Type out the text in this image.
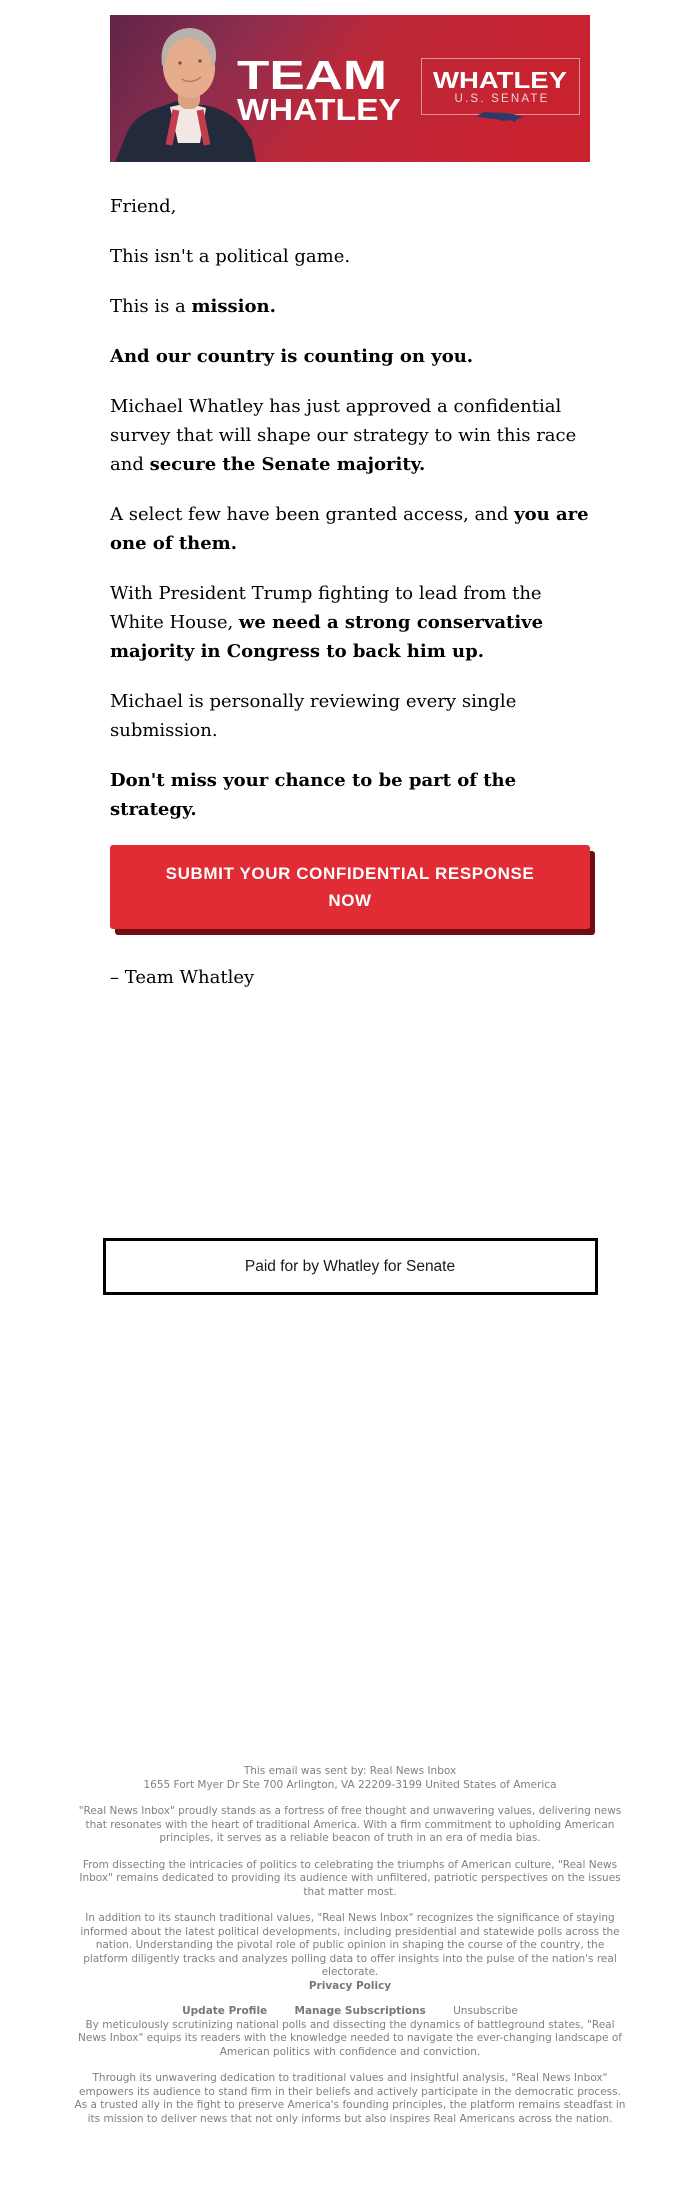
TEAM
WHATLEY
WHATLEY
U.S. SENATE

Friend,

This isn't a political game.

This is a mission.

And our country is counting on you.

Michael Whatley has just approved a confidential survey that will shape our strategy to win this race and secure the Senate majority.

A select few have been granted access, and you are one of them.

With President Trump fighting to lead from the White House, we need a strong conservative majority in Congress to back him up.

Michael is personally reviewing every single submission.

Don't miss your chance to be part of the strategy.

SUBMIT YOUR CONFIDENTIAL RESPONSE
NOW

– Team Whatley

Paid for by Whatley for Senate
This email was sent by: Real News Inbox
1655 Fort Myer Dr Ste 700 Arlington, VA 22209-3199 United States of America
"Real News Inbox" proudly stands as a fortress of free thought and unwavering values, delivering news that resonates with the heart of traditional America. With a firm commitment to upholding American principles, it serves as a reliable beacon of truth in an era of media bias.
From dissecting the intricacies of politics to celebrating the triumphs of American culture, "Real News Inbox" remains dedicated to providing its audience with unfiltered, patriotic perspectives on the issues that matter most.
In addition to its staunch traditional values, "Real News Inbox" recognizes the significance of staying informed about the latest political developments, including presidential and statewide polls across the nation. Understanding the pivotal role of public opinion in shaping the course of the country, the platform diligently tracks and analyzes polling data to offer insights into the pulse of the nation's real electorate.
Privacy Policy
Update Profile	Manage Subscriptions	Unsubscribe
By meticulously scrutinizing national polls and dissecting the dynamics of battleground states, "Real News Inbox" equips its readers with the knowledge needed to navigate the ever-changing landscape of American politics with confidence and conviction.
Through its unwavering dedication to traditional values and insightful analysis, "Real News Inbox" empowers its audience to stand firm in their beliefs and actively participate in the democratic process. As a trusted ally in the fight to preserve America's founding principles, the platform remains steadfast in its mission to deliver news that not only informs but also inspires Real Americans across the nation.
